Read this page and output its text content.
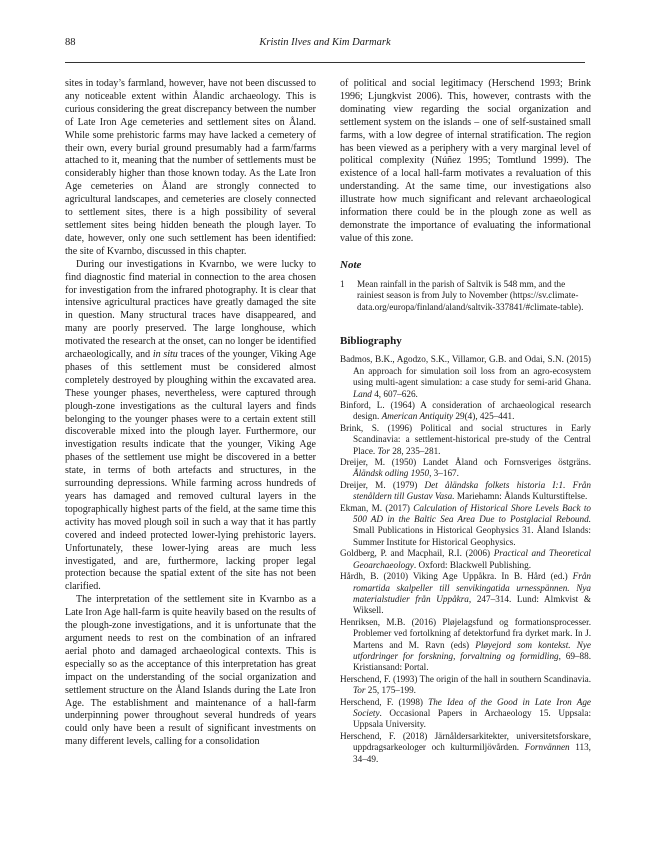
88	Kristin Ilves and Kim Darmark

sites in today’s farmland, however, have not been discussed to any noticeable extent within Ålandic archaeology. This is curious considering the great discrepancy between the number of Late Iron Age cemeteries and settlement sites on Åland. While some prehistoric farms may have lacked a cemetery of their own, every burial ground presumably had a farm/farms attached to it, meaning that the number of settlements must be considerably higher than those known today. As the Late Iron Age cemeteries on Åland are strongly connected to agricultural landscapes, and cemeteries are closely connected to settlement sites, there is a high possibility of several settlement sites being hidden beneath the plough layer. To date, however, only one such settlement has been identified: the site of Kvarnbo, discussed in this chapter.

During our investigations in Kvarnbo, we were lucky to find diagnostic find material in connection to the area chosen for investigation from the infrared photography. It is clear that intensive agricultural practices have greatly damaged the site in question. Many structural traces have disappeared, and many are poorly preserved. The large longhouse, which motivated the research at the onset, can no longer be identified archaeologically, and in situ traces of the younger, Viking Age phases of this settlement must be considered almost completely destroyed by ploughing within the excavated area. These younger phases, nevertheless, were captured through plough-zone investigations as the cultural layers and finds belonging to the younger phases were to a certain extent still discoverable mixed into the plough layer. Furthermore, our investigation results indicate that the younger, Viking Age phases of the settlement use might be discovered in a better state, in terms of both artefacts and structures, in the surrounding depressions. While farming across hundreds of years has damaged and removed cultural layers in the topographically highest parts of the field, at the same time this activity has moved plough soil in such a way that it has partly covered and indeed protected lower-lying prehistoric layers. Unfortunately, these lower-lying areas are much less investigated, and are, furthermore, lacking proper legal protection because the spatial extent of the site has not been clarified.

The interpretation of the settlement site in Kvarnbo as a Late Iron Age hall-farm is quite heavily based on the results of the plough-zone investigations, and it is unfortunate that the argument needs to rest on the combination of an infrared aerial photo and damaged archaeological contexts. This is especially so as the acceptance of this interpretation has great impact on the understanding of the social organization and settlement structure on the Åland Islands during the Late Iron Age. The establishment and maintenance of a hall-farm underpinning power throughout several hundreds of years could only have been a result of significant investments on many different levels, calling for a consolidation

of political and social legitimacy (Herschend 1993; Brink 1996; Ljungkvist 2006). This, however, contrasts with the dominating view regarding the social organization and settlement system on the islands – one of self-sustained small farms, with a low degree of internal stratification. The region has been viewed as a periphery with a very marginal level of political complexity (Núñez 1995; Tomtlund 1999). The existence of a local hall-farm motivates a revaluation of this understanding. At the same time, our investigations also illustrate how much significant and relevant archaeological information there could be in the plough zone as well as demonstrate the importance of evaluating the informational value of this zone.

Note
1	Mean rainfall in the parish of Saltvik is 548 mm, and the rainiest season is from July to November (https://sv.climate-data.org/europa/finland/aland/saltvik-337841/#climate-table).
Bibliography

Badmos, B.K., Agodzo, S.K., Villamor, G.B. and Odai, S.N. (2015) An approach for simulation soil loss from an agro-ecosystem using multi-agent simulation: a case study for semi-arid Ghana. Land 4, 607–626.

Binford, L. (1964) A consideration of archaeological research design. American Antiquity 29(4), 425–441.

Brink, S. (1996) Political and social structures in Early Scandinavia: a settlement-historical pre-study of the Central Place. Tor 28, 235–281.

Dreijer, M. (1950) Landet Åland och Fornsveriges östgräns. Åländsk odling 1950, 3–167.

Dreijer, M. (1979) Det åländska folkets historia I:1. Från stenåldern till Gustav Vasa. Mariehamn: Ålands Kulturstiftelse.

Ekman, M. (2017) Calculation of Historical Shore Levels Back to 500 AD in the Baltic Sea Area Due to Postglacial Rebound. Small Publications in Historical Geophysics 31. Åland Islands: Summer Institute for Historical Geophysics.

Goldberg, P. and Macphail, R.I. (2006) Practical and Theoretical Geoarchaeology. Oxford: Blackwell Publishing.

Hårdh, B. (2010) Viking Age Uppåkra. In B. Hård (ed.) Från romartida skalpeller till senvikingatida urnesspännen. Nya materialstudier från Uppåkra, 247–314. Lund: Almkvist & Wiksell.

Henriksen, M.B. (2016) Pløjelagsfund og formationsprocesser. Problemer ved fortolkning af detektorfund fra dyrket mark. In J. Martens and M. Ravn (eds) Pløyejord som kontekst. Nye utfordringer for forskning, forvaltning og formidling, 69–88. Kristiansand: Portal.

Herschend, F. (1993) The origin of the hall in southern Scandinavia. Tor 25, 175–199.

Herschend, F. (1998) The Idea of the Good in Late Iron Age Society. Occasional Papers in Archaeology 15. Uppsala: Uppsala University.

Herschend, F. (2018) Järnåldersarkitekter, universitetsforskare, uppdragsarkeologer och kulturmiljövården. Fornvännen 113, 34–49.
